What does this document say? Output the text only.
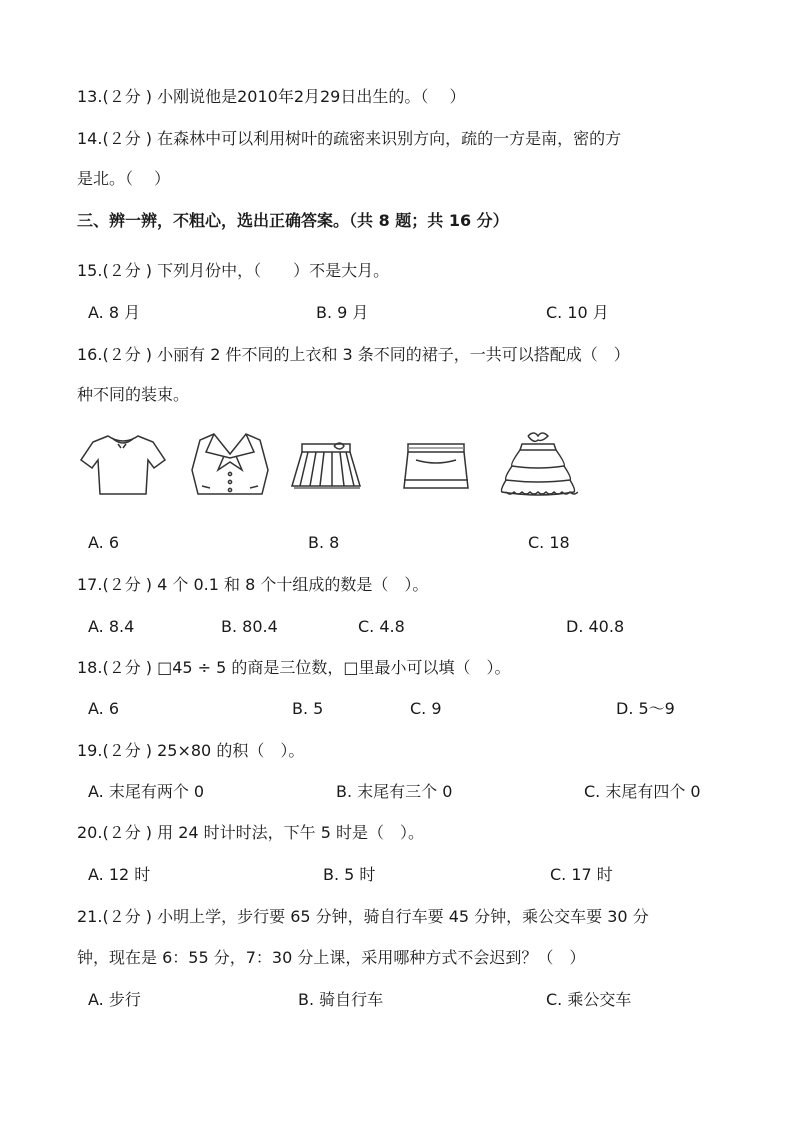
13.(２分 ) 小刚说他是2010年2月29日出生的。（　 ）
14.(２分 ) 在森林中可以利用树叶的疏密来识别方向，疏的一方是南，密的方
是北。（　 ）
三、辨一辨，不粗心，选出正确答案。（共 8 题；共 16 分）
15.(２分 ) 下列月份中，（　　）不是大月。
A. 8 月	B. 9 月	C. 10 月
16.(２分 ) 小丽有 2 件不同的上衣和 3 条不同的裙子，一共可以搭配成（　）
种不同的装束。
A. 6	B. 8	C. 18
17.(２分 ) 4 个 0.1 和 8 个十组成的数是（　）。
A. 8.4	B. 80.4	C. 4.8	D. 40.8
18.(２分 ) □45 ÷ 5 的商是三位数，□里最小可以填（　）。
A. 6	B. 5	C. 9	D. 5～9
19.(２分 ) 25×80 的积（　）。
A. 末尾有两个 0	B. 末尾有三个 0	C. 末尾有四个 0
20.(２分 ) 用 24 时计时法，下午 5 时是（　）。
A. 12 时	B. 5 时	C. 17 时
21.(２分 ) 小明上学，步行要 65 分钟，骑自行车要 45 分钟，乘公交车要 30 分
钟，现在是 6：55 分，7：30 分上课，采用哪种方式不会迟到？（　）
A. 步行	B. 骑自行车	C. 乘公交车
